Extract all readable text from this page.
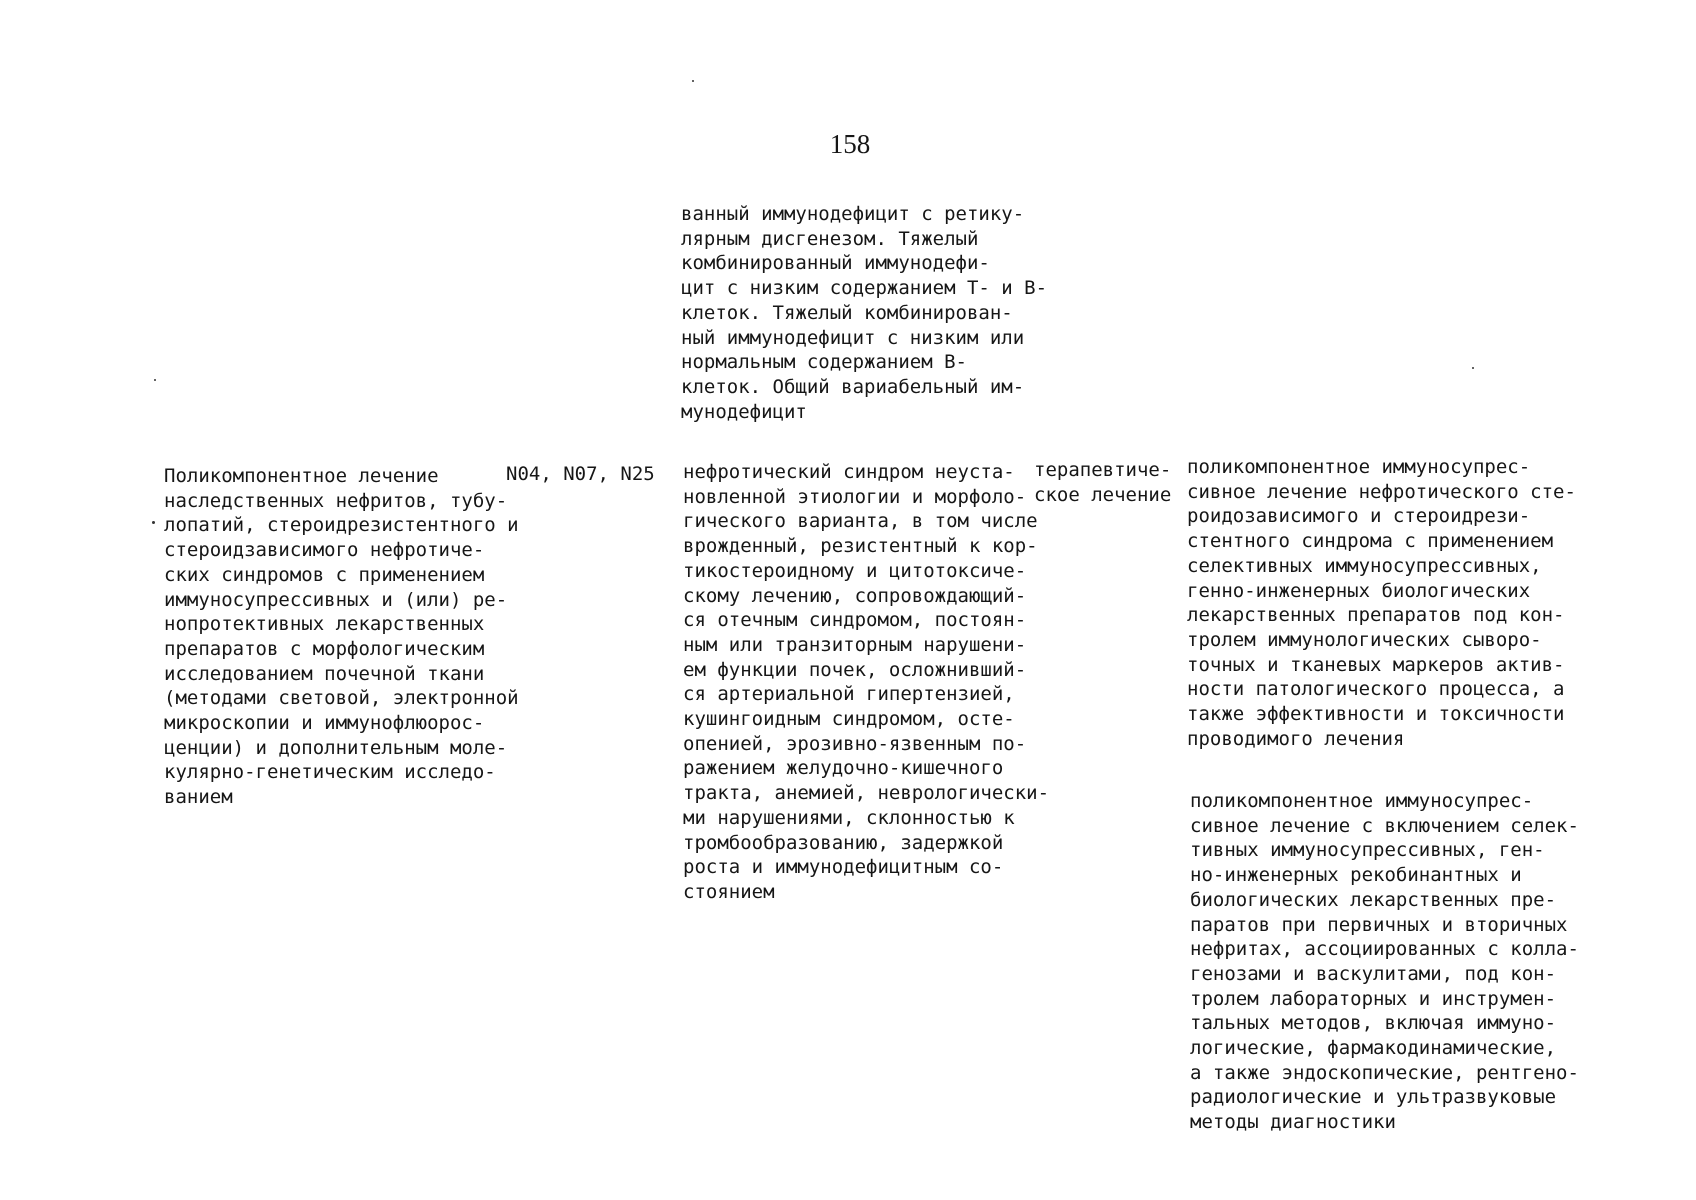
158
ванный иммунодефицит с ретику-
лярным дисгенезом. Тяжелый
комбинированный иммунодефи-
цит с низким содержанием Т- и В-
клеток. Тяжелый комбинирован-
ный иммунодефицит с низким или
нормальным содержанием В-
клеток. Общий вариабельный им-
мунодефицит
Поликомпонентное лечение
наследственных нефритов, тубу-
лопатий, стероидрезистентного и
стероидзависимого нефротиче-
ских синдромов с применением
иммуносупрессивных и (или) ре-
нопротективных лекарственных
препаратов с морфологическим
исследованием почечной ткани
(методами световой, электронной
микроскопии и иммунофлюорос-
ценции) и дополнительным моле-
кулярно-генетическим исследо-
ванием
N04, N07, N25 нефротический синдром неуста-
новленной этиологии и морфоло-
гического варианта, в том числе
врожденный, резистентный к кор-
тикостероидному и цитотоксиче-
скому лечению, сопровождающий-
ся отечным синдромом, постоян-
ным или транзиторным нарушени-
ем функции почек, осложнивший-
ся артериальной гипертензией,
кушингоидным синдромом, осте-
опенией, эрозивно-язвенным по-
ражением желудочно-кишечного
тракта, анемией, неврологически-
ми нарушениями, склонностью к
тромбообразованию, задержкой
роста и иммунодефицитным со-
стоянием
терапевтиче-
ское лечение
поликомпонентное иммуносупрес-
сивное лечение нефротического сте-
роидозависимого и стероидрези-
стентного синдрома с применением
селективных иммуносупрессивных,
генно-инженерных биологических
лекарственных препаратов под кон-
тролем иммунологических сыворо-
точных и тканевых маркеров актив-
ности патологического процесса, а
также эффективности и токсичности
проводимого лечения
поликомпонентное иммуносупрес-
сивное лечение с включением селек-
тивных иммуносупрессивных, ген-
но-инженерных рекобинантных и
биологических лекарственных пре-
паратов при первичных и вторичных
нефритах, ассоциированных с колла-
генозами и васкулитами, под кон-
тролем лабораторных и инструмен-
тальных методов, включая иммуно-
логические, фармакодинамические,
а также эндоскопические, рентгено-
радиологические и ультразвуковые
методы диагностики
